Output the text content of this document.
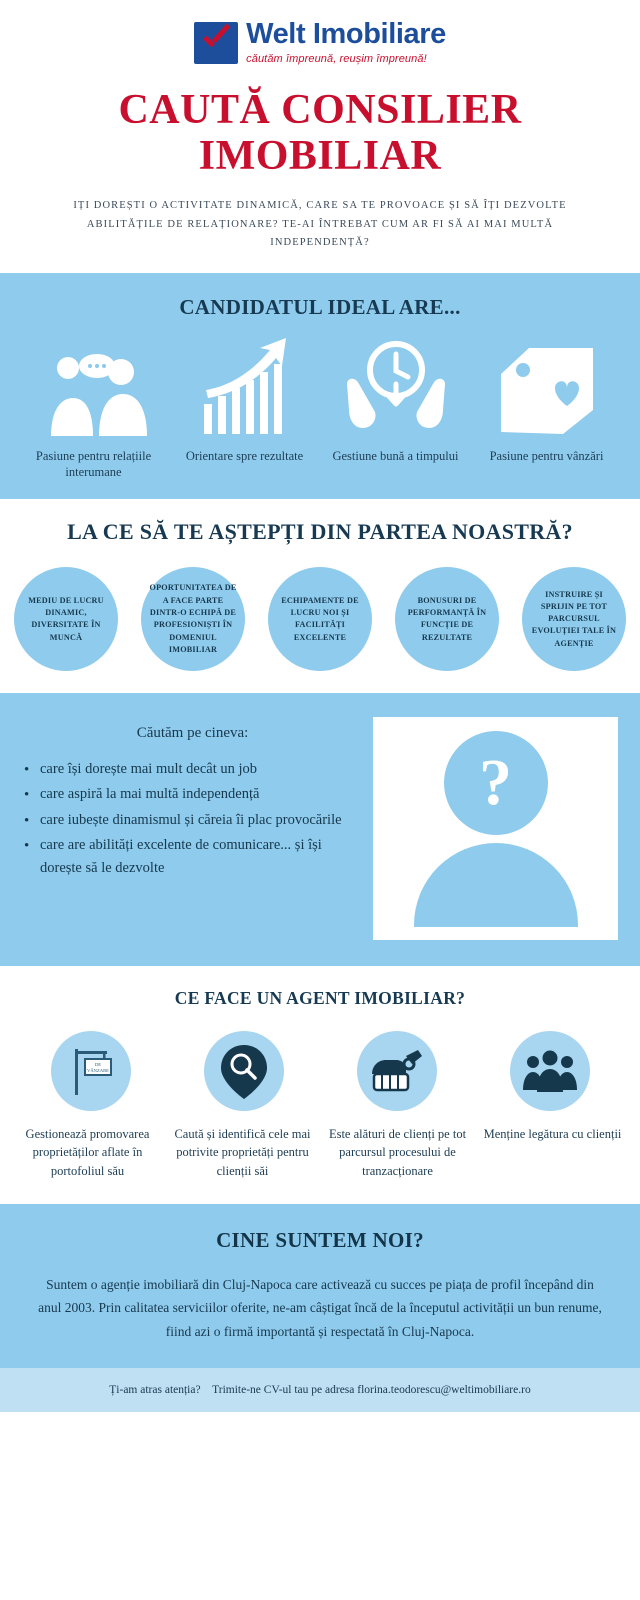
Welt Imobiliare
căutăm împreună, reușim împreună!
CAUTĂ CONSILIER IMOBILIAR
IȚI DOREȘTI O ACTIVITATE DINAMICĂ, CARE SA TE PROVOACE ȘI SĂ ÎȚI DEZVOLTE ABILITĂȚILE DE RELAȚIONARE? TE-AI ÎNTREBAT CUM AR FI SĂ AI MAI MULTĂ INDEPENDENȚĂ?
CANDIDATUL IDEAL ARE...
Pasiune pentru relațiile interumane
Orientare spre rezultate	Gestiune bună a timpului	Pasiune pentru vânzări
LA CE SĂ TE AȘTEPȚI DIN PARTEA NOASTRĂ?
MEDIU DE LUCRU DINAMIC, DIVERSITATE ÎN MUNCĂ
OPORTUNITATEA DE A FACE PARTE DINTR-O ECHIPĂ DE PROFESIONIȘTI ÎN DOMENIUL IMOBILIAR
ECHIPAMENTE DE LUCRU NOI ȘI FACILITĂȚI EXCELENTE
BONUSURI DE PERFORMANȚĂ ÎN FUNCȚIE DE REZULTATE
INSTRUIRE ȘI SPRIJIN PE TOT PARCURSUL EVOLUȚIEI TALE ÎN AGENȚIE
Căutăm pe cineva:
• care își dorește mai mult decât un job
• care aspiră la mai multă independență
• care iubește dinamismul și căreia îi plac provocările
• care are abilități excelente de comunicare... și își dorește să le dezvolte
?
CE FACE UN AGENT IMOBILIAR?
DE
VÂNZARE
Gestionează promovarea proprietăților aflate în portofoliul său
Caută și identifică cele mai potrivite proprietăți pentru clienții săi
Este alături de clienți pe tot parcursul procesului de tranzacționare
Menține legătura cu clienții
CINE SUNTEM NOI?

Suntem o agenție imobiliară din Cluj-Napoca care activează cu succes pe piața de profil începând din anul 2003. Prin calitatea serviciilor oferite, ne-am câștigat încă de la începutul activității un bun renume, fiind azi o firmă importantă și respectată în Cluj-Napoca.

Ți-am atras atenția? Trimite-ne CV-ul tau pe adresa florina.teodorescu@weltimobiliare.ro
